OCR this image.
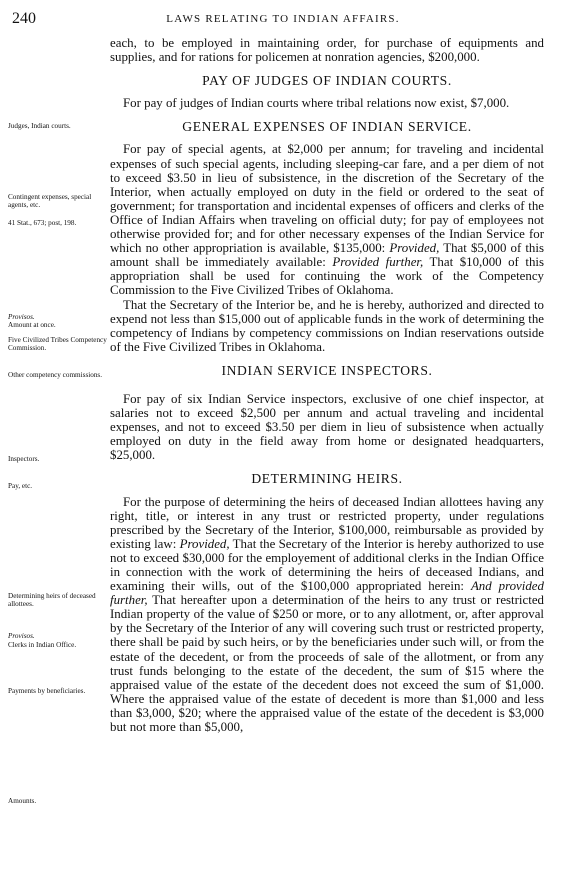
240	LAWS RELATING TO INDIAN AFFAIRS.
Judges, Indian courts.
Contingent expenses, special agents, etc.
41 Stat., 673; post, 198.
Provisos.
Amount at once.
Five Civilized Tribes Competency Commission.
Other competency commissions.
Inspectors.
Pay, etc.
Determining heirs of deceased allottees.
Provisos.
Clerks in Indian Office.
Payments by beneficiaries.
Amounts.

each, to be employed in maintaining order, for purchase of equipments and supplies, and for rations for policemen at nonration agencies, $200,000.

PAY OF JUDGES OF INDIAN COURTS.

For pay of judges of Indian courts where tribal relations now exist, $7,000.

GENERAL EXPENSES OF INDIAN SERVICE.

For pay of special agents, at $2,000 per annum; for traveling and incidental expenses of such special agents, including sleeping-car fare, and a per diem of not to exceed $3.50 in lieu of subsistence, in the discretion of the Secretary of the Interior, when actually employed on duty in the field or ordered to the seat of government; for transportation and incidental expenses of officers and clerks of the Office of Indian Affairs when traveling on official duty; for pay of employees not otherwise provided for; and for other necessary expenses of the Indian Service for which no other appropriation is available, $135,000: Provided, That $5,000 of this amount shall be immediately available: Provided further, That $10,000 of this appropriation shall be used for continuing the work of the Competency Commission to the Five Civilized Tribes of Oklahoma.

That the Secretary of the Interior be, and he is hereby, authorized and directed to expend not less than $15,000 out of applicable funds in the work of determining the competency of Indians by competency commissions on Indian reservations outside of the Five Civilized Tribes in Oklahoma.

INDIAN SERVICE INSPECTORS.

For pay of six Indian Service inspectors, exclusive of one chief inspector, at salaries not to exceed $2,500 per annum and actual traveling and incidental expenses, and not to exceed $3.50 per diem in lieu of subsistence when actually employed on duty in the field away from home or designated headquarters, $25,000.

DETERMINING HEIRS.

For the purpose of determining the heirs of deceased Indian allottees having any right, title, or interest in any trust or restricted property, under regulations prescribed by the Secretary of the Interior, $100,000, reimbursable as provided by existing law: Provided, That the Secretary of the Interior is hereby authorized to use not to exceed $30,000 for the employement of additional clerks in the Indian Office in connection with the work of determining the heirs of deceased Indians, and examining their wills, out of the $100,000 appropriated herein: And provided further, That hereafter upon a determination of the heirs to any trust or restricted Indian property of the value of $250 or more, or to any allotment, or, after approval by the Secretary of the Interior of any will covering such trust or restricted property, there shall be paid by such heirs, or by the beneficiaries under such will, or from the estate of the decedent, or from the proceeds of sale of the allotment, or from any trust funds belonging to the estate of the decedent, the sum of $15 where the appraised value of the estate of the decedent does not exceed the sum of $1,000. Where the appraised value of the estate of decedent is more than $1,000 and less than $3,000, $20; where the appraised value of the estate of the decedent is $3,000 but not more than $5,000,
